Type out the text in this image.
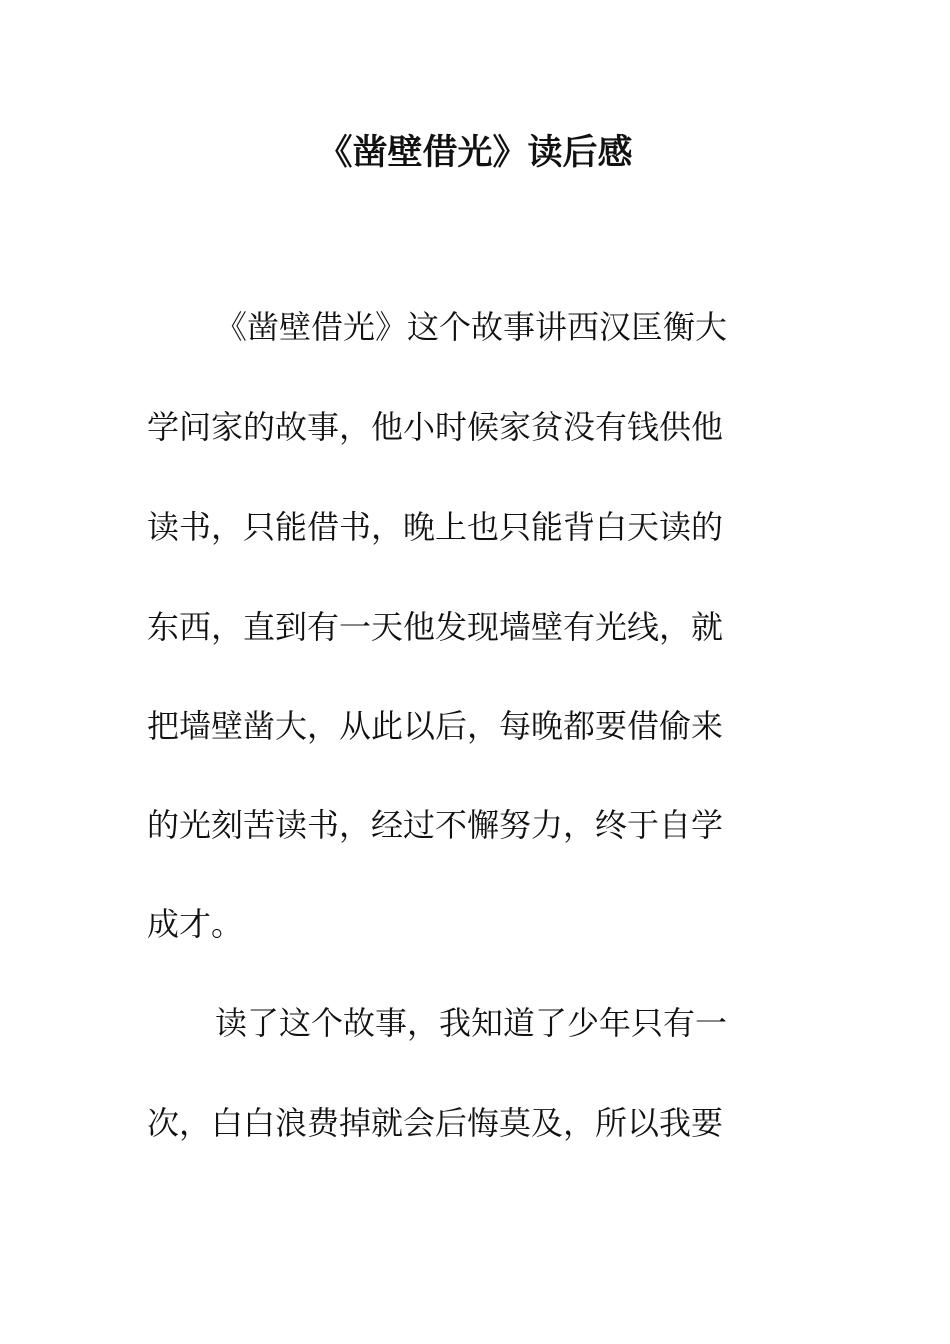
《凿壁借光》读后感

《凿壁借光》这个故事讲西汉匡衡大

学问家的故事，他小时候家贫没有钱供他

读书，只能借书，晚上也只能背白天读的

东西，直到有一天他发现墙壁有光线，就

把墙壁凿大，从此以后，每晚都要借偷来

的光刻苦读书，经过不懈努力，终于自学

成才。

读了这个故事，我知道了少年只有一

次，白白浪费掉就会后悔莫及，所以我要
